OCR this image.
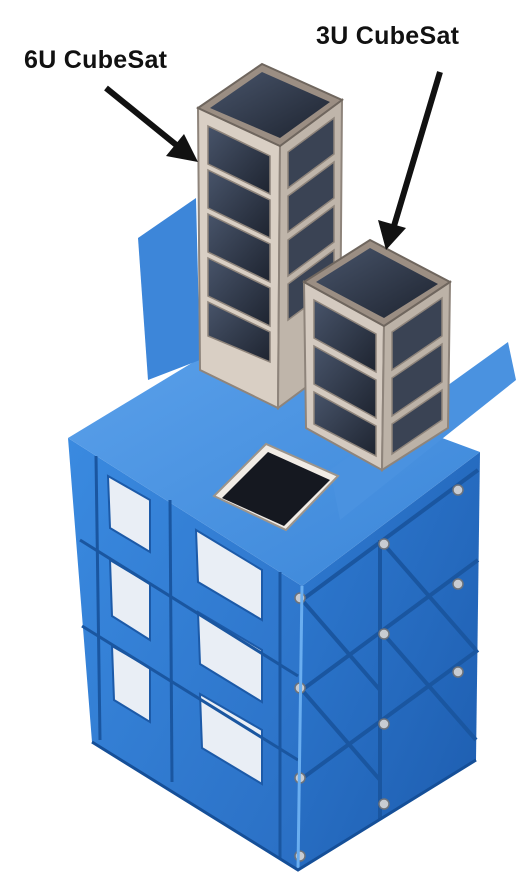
6U CubeSat
3U CubeSat
